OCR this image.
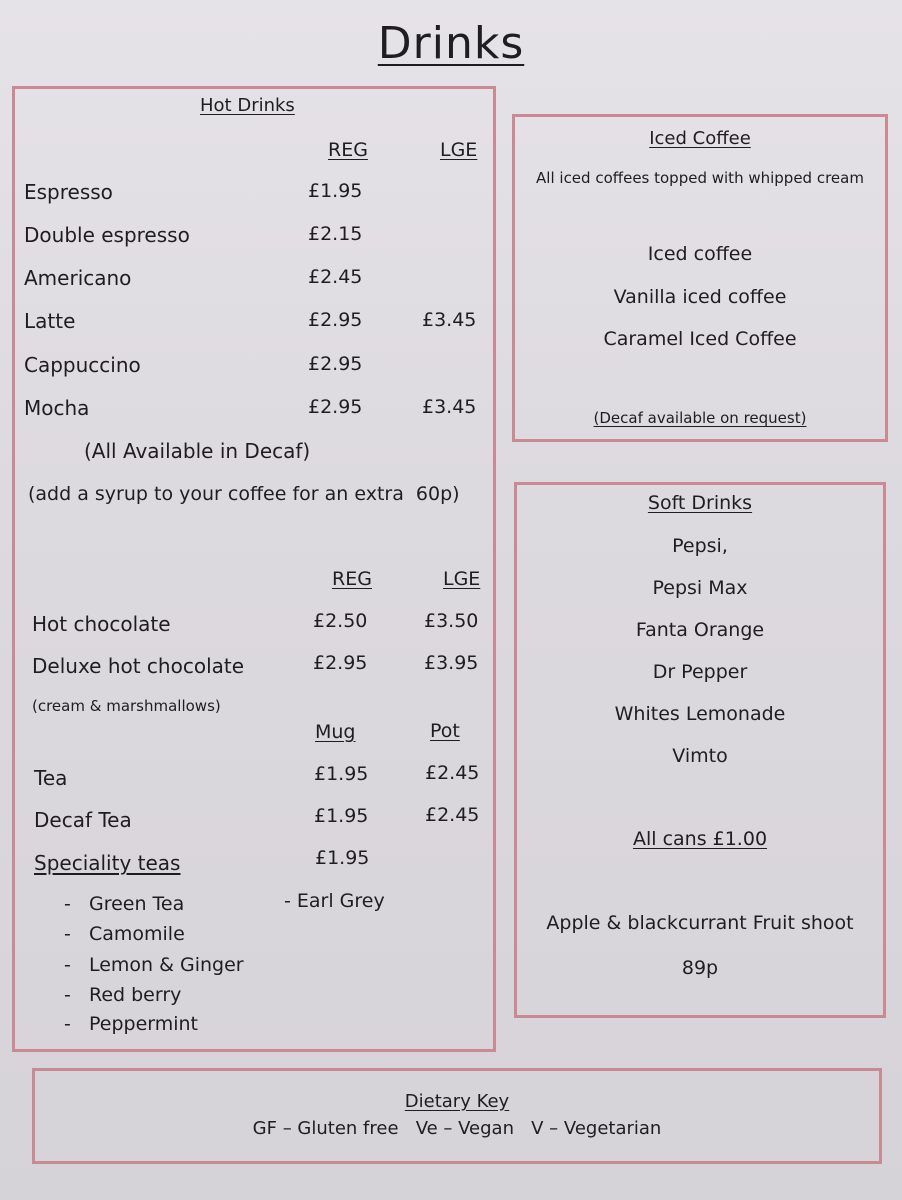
Drinks
Hot Drinks
REG	LGE
Espresso	£1.95
Double espresso	£2.15
Americano	£2.45
Latte	£2.95	£3.45
Cappuccino	£2.95
Mocha	£2.95	£3.45
(All Available in Decaf)
(add a syrup to your coffee for an extra  60p)
REG	LGE
Hot chocolate	£2.50	£3.50
Deluxe hot chocolate	£2.95	£3.95
(cream & marshmallows)
Mug	Pot
Tea	£1.95	£2.45
Decaf Tea	£1.95	£2.45
Speciality teas	£1.95
-   Green Tea
-   Camomile
-   Lemon & Ginger
-   Red berry
-   Peppermint
- Earl Grey
Iced Coffee
All iced coffees topped with whipped cream
Iced coffee
Vanilla iced coffee
Caramel Iced Coffee
(Decaf available on request)
Soft Drinks
Pepsi,
Pepsi Max
Fanta Orange
Dr Pepper
Whites Lemonade
Vimto
All cans £1.00
Apple & blackcurrant Fruit shoot
89p
Dietary Key
GF – Gluten free   Ve – Vegan   V – Vegetarian
